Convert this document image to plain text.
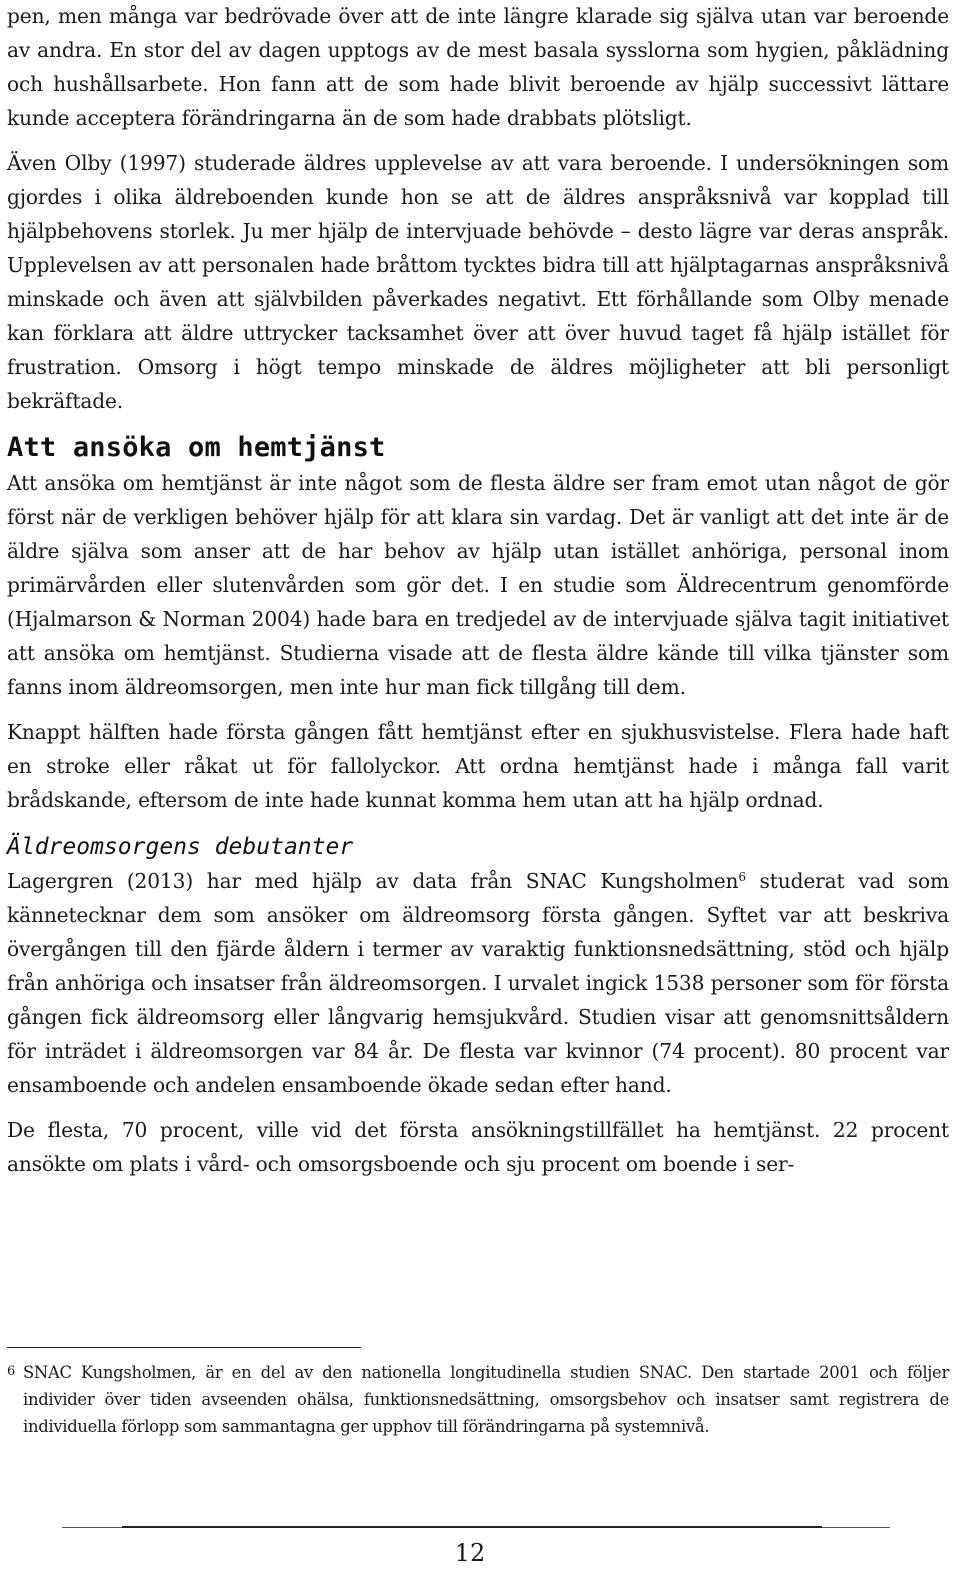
pen, men många var bedrövade över att de inte längre klarade sig själva utan var beroende av andra. En stor del av dagen upptogs av de mest basala sysslorna som hygien, påklädning och hushållsarbete. Hon fann att de som hade blivit beroende av hjälp successivt lättare kunde acceptera förändringarna än de som hade drabbats plötsligt.

Även Olby (1997) studerade äldres upplevelse av att vara beroende. I undersökningen som gjordes i olika äldreboenden kunde hon se att de äldres anspråksnivå var kopplad till hjälpbehovens storlek. Ju mer hjälp de intervjuade behövde – desto lägre var deras anspråk. Upplevelsen av att personalen hade bråttom tycktes bidra till att hjälptagarnas anspråksnivå minskade och även att självbilden påverkades negativt. Ett förhållande som Olby menade kan förklara att äldre uttrycker tacksamhet över att över huvud taget få hjälp istället för frustration. Omsorg i högt tempo minskade de äldres möjligheter att bli personligt bekräftade.

Att ansöka om hemtjänst

Att ansöka om hemtjänst är inte något som de flesta äldre ser fram emot utan något de gör först när de verkligen behöver hjälp för att klara sin vardag. Det är vanligt att det inte är de äldre själva som anser att de har behov av hjälp utan istället anhöriga, personal inom primärvården eller slutenvården som gör det. I en studie som Äldrecentrum genomförde (Hjalmarson & Norman 2004) hade bara en tredjedel av de intervjuade själva tagit initiativet att ansöka om hemtjänst. Studierna visade att de flesta äldre kände till vilka tjänster som fanns inom äldreomsorgen, men inte hur man fick tillgång till dem.

Knappt hälften hade första gången fått hemtjänst efter en sjukhusvistelse. Flera hade haft en stroke eller råkat ut för fallolyckor. Att ordna hemtjänst hade i många fall varit brådskande, eftersom de inte hade kunnat komma hem utan att ha hjälp ordnad.

Äldreomsorgens debutanter

Lagergren (2013) har med hjälp av data från SNAC Kungsholmen$^6$ studerat vad som kännetecknar dem som ansöker om äldreomsorg första gången. Syftet var att beskriva övergången till den fjärde åldern i termer av varaktig funktionsnedsättning, stöd och hjälp från anhöriga och insatser från äldreomsorgen. I urvalet ingick 1538 personer som för första gången fick äldreomsorg eller långvarig hemsjukvård. Studien visar att genomsnittsåldern för inträdet i äldreomsorgen var 84 år. De flesta var kvinnor (74 procent). 80 procent var ensamboende och andelen ensamboende ökade sedan efter hand.

De flesta, 70 procent, ville vid det första ansökningstillfället ha hemtjänst. 22 procent ansökte om plats i vård- och omsorgsboende och sju procent om boende i ser-

6 SNAC Kungsholmen, är en del av den nationella longitudinella studien SNAC. Den startade 2001 och följer individer över tiden avseenden ohälsa, funktionsnedsättning, omsorgsbehov och insatser samt registrera de individuella förlopp som sammantagna ger upphov till förändringarna på systemnivå.
12
